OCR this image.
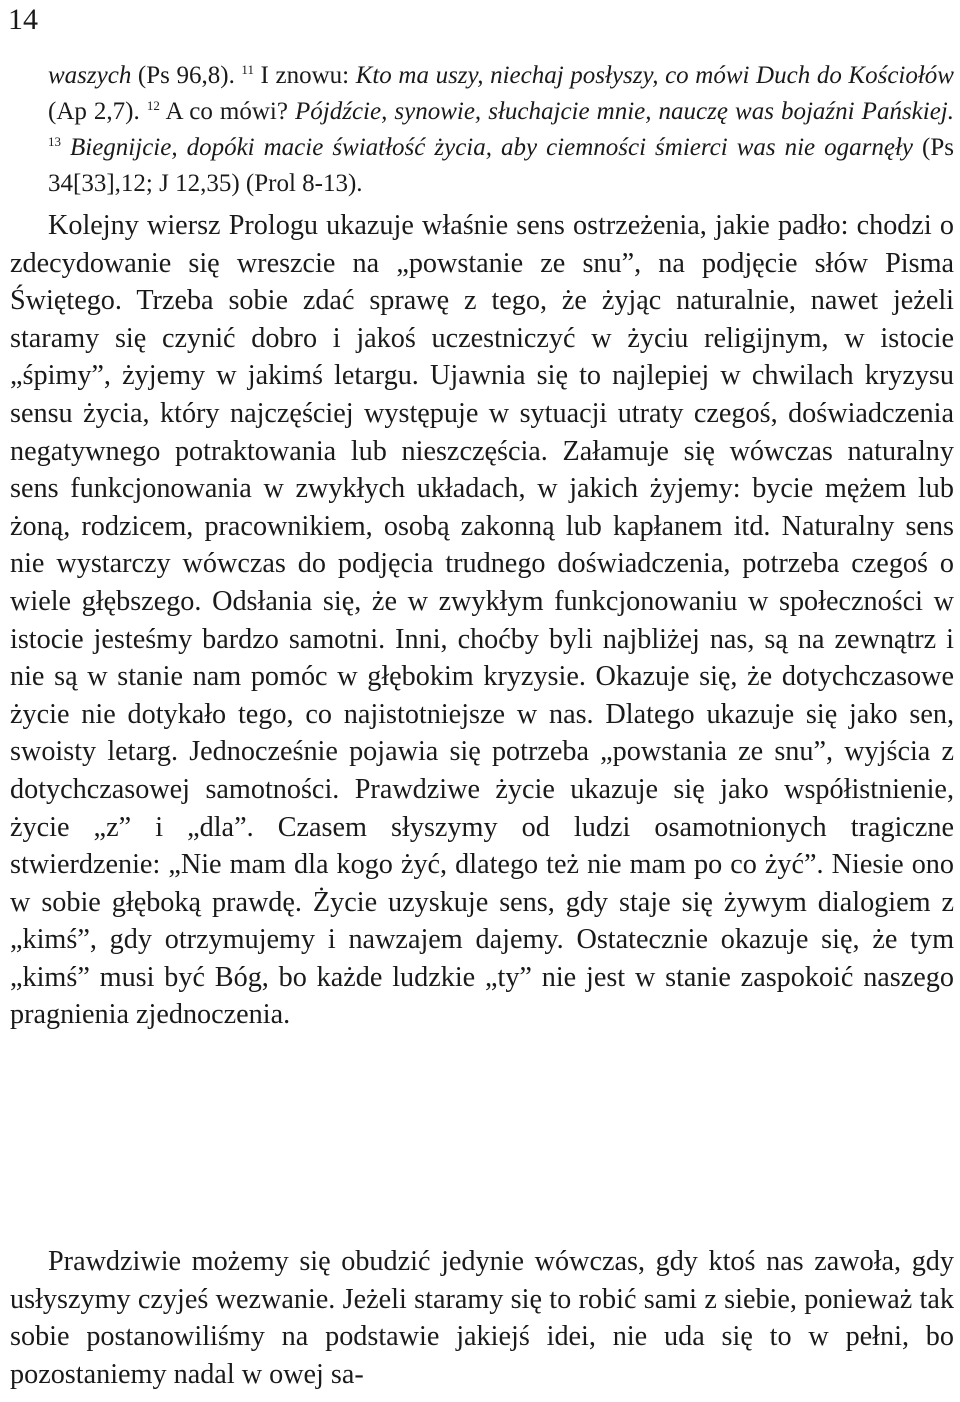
14
waszych (Ps 96,8). $^{11}$ I znowu: Kto ma uszy, niechaj posłyszy, co mówi Duch do Kościołów (Ap 2,7). $^{12}$ A co mówi? Pójdźcie, synowie, słuchajcie mnie, nauczę was bojaźni Pańskiej. $^{13}$ Biegnijcie, dopóki macie światłość życia, aby ciemności śmierci was nie ogarnęły (Ps 34[33],12; J 12,35) (Prol 8-13).

Kolejny wiersz Prologu ukazuje właśnie sens ostrzeżenia, jakie padło: chodzi o zdecydowanie się wreszcie na „powstanie ze snu”, na podjęcie słów Pisma Świętego. Trzeba sobie zdać sprawę z tego, że żyjąc naturalnie, nawet jeżeli staramy się czynić dobro i jakoś uczestniczyć w życiu religijnym, w istocie „śpimy”, żyjemy w jakimś letargu. Ujawnia się to najlepiej w chwilach kryzysu sensu życia, który najczęściej występuje w sytuacji utraty czegoś, doświadczenia negatywnego potraktowania lub nieszczęścia. Załamuje się wówczas naturalny sens funkcjonowania w zwykłych układach, w jakich żyjemy: bycie mężem lub żoną, rodzicem, pracownikiem, osobą zakonną lub kapłanem itd. Naturalny sens nie wystarczy wówczas do podjęcia trudnego doświadczenia, potrzeba czegoś o wiele głębszego. Odsłania się, że w zwykłym funkcjonowaniu w społeczności w istocie jesteśmy bardzo samotni. Inni, choćby byli najbliżej nas, są na zewnątrz i nie są w stanie nam pomóc w głębokim kryzysie. Okazuje się, że dotychczasowe życie nie dotykało tego, co najistotniejsze w nas. Dlatego ukazuje się jako sen, swoisty letarg. Jednocześnie pojawia się potrzeba „powstania ze snu”, wyjścia z dotychczasowej samotności. Prawdziwe życie ukazuje się jako współistnienie, życie „z” i „dla”. Czasem słyszymy od ludzi osamotnionych tragiczne stwierdzenie: „Nie mam dla kogo żyć, dlatego też nie mam po co żyć”. Niesie ono w sobie głęboką prawdę. Życie uzyskuje sens, gdy staje się żywym dialogiem z „kimś”, gdy otrzymujemy i nawzajem dajemy. Ostatecznie okazuje się, że tym „kimś” musi być Bóg, bo każde ludzkie „ty” nie jest w stanie zaspokoić naszego pragnienia zjednoczenia.

Prawdziwie możemy się obudzić jedynie wówczas, gdy ktoś nas zawoła, gdy usłyszymy czyjeś wezwanie. Jeżeli staramy się to robić sami z siebie, ponieważ tak sobie postanowiliśmy na podstawie jakiejś idei, nie uda się to w pełni, bo pozostaniemy nadal w owej sa-
